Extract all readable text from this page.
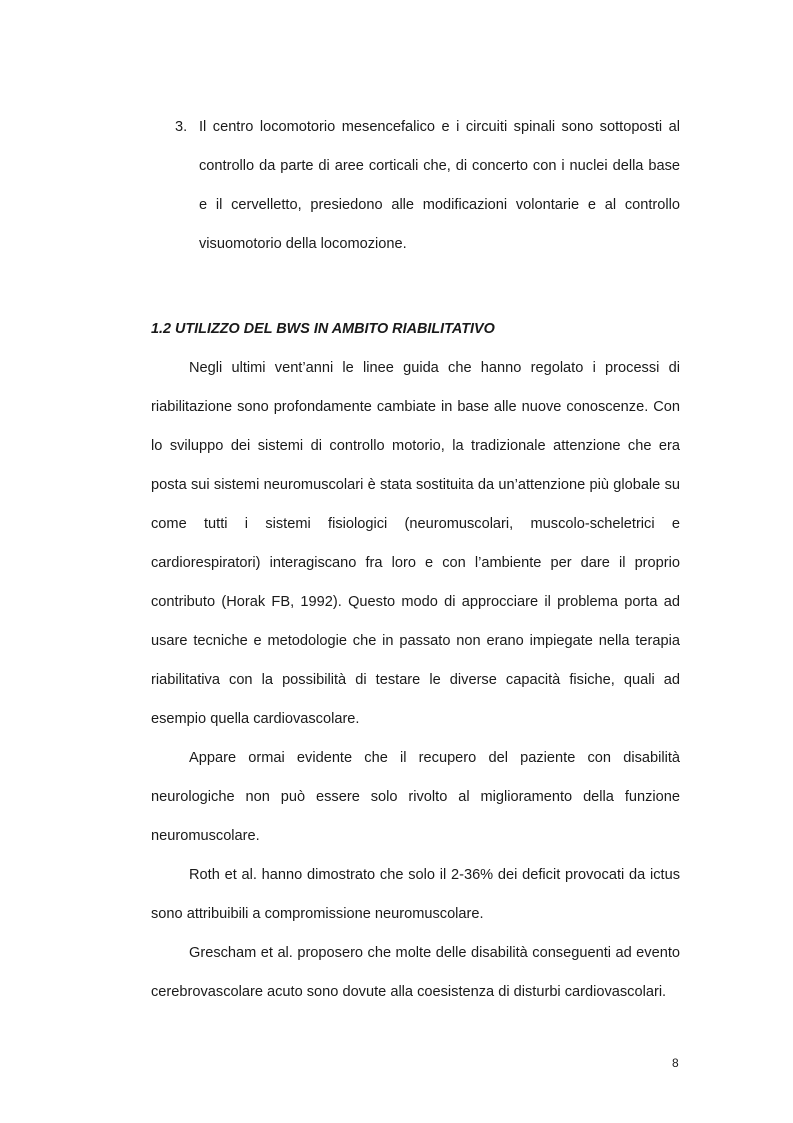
3. Il centro locomotorio mesencefalico e i circuiti spinali sono sottoposti al controllo da parte di aree corticali che, di concerto con i nuclei della base e il cervelletto, presiedono alle modificazioni volontarie e al controllo visuomotorio della locomozione.
1.2 UTILIZZO DEL BWS IN AMBITO RIABILITATIVO

Negli ultimi vent’anni le linee guida che hanno regolato i processi di riabilitazione sono profondamente cambiate in base alle nuove conoscenze. Con lo sviluppo dei sistemi di controllo motorio, la tradizionale attenzione che era posta sui sistemi neuromuscolari è stata sostituita da un’attenzione più globale su come tutti i sistemi fisiologici (neuromuscolari, muscolo-scheletrici e cardiorespiratori) interagiscano fra loro e con l’ambiente per dare il proprio contributo (Horak FB, 1992). Questo modo di approcciare il problema porta ad usare tecniche e metodologie che in passato non erano impiegate nella terapia riabilitativa con la possibilità di testare le diverse capacità fisiche, quali ad esempio quella cardiovascolare.

Appare ormai evidente che il recupero del paziente con disabilità neurologiche non può essere solo rivolto al miglioramento della funzione neuromuscolare.

Roth et al. hanno dimostrato che solo il 2-36% dei deficit provocati da ictus sono attribuibili a compromissione neuromuscolare.

Grescham et al. proposero che molte delle disabilità conseguenti ad evento cerebrovascolare acuto sono dovute alla coesistenza di disturbi cardiovascolari.

8
